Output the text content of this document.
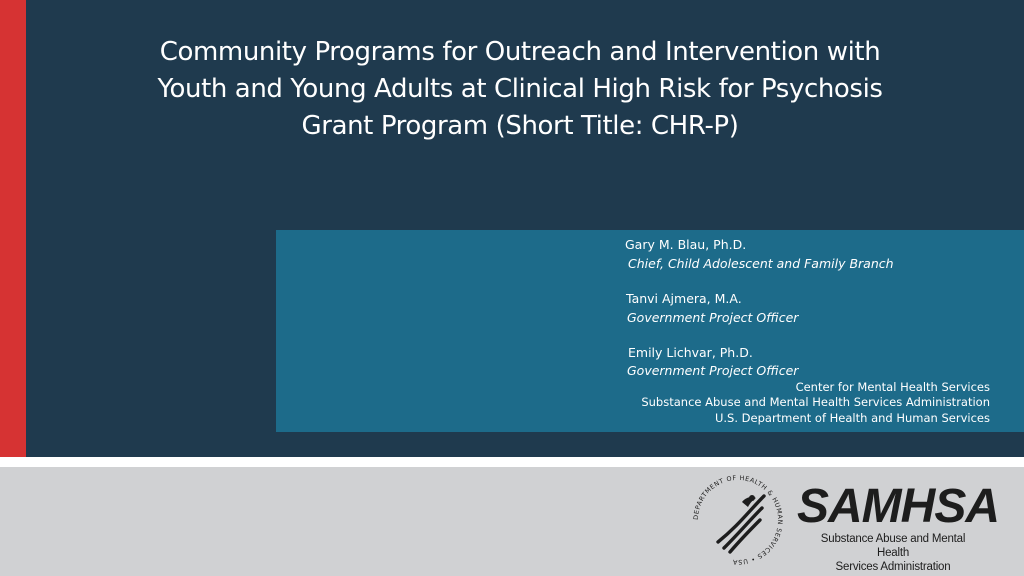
Community Programs for Outreach and Intervention with
Youth and Young Adults at Clinical High Risk for Psychosis
Grant Program (Short Title: CHR-P)
Gary M. Blau, Ph.D.
Chief, Child Adolescent and Family Branch
Tanvi Ajmera, M.A.
Government Project Officer
Emily Lichvar, Ph.D.
Government Project Officer
Center for Mental Health Services
Substance Abuse and Mental Health Services Administration
U.S. Department of Health and Human Services
DEPARTMENT OF HEALTH & HUMAN SERVICES • USA
SAMHSA
Substance Abuse and Mental Health
Services Administration
